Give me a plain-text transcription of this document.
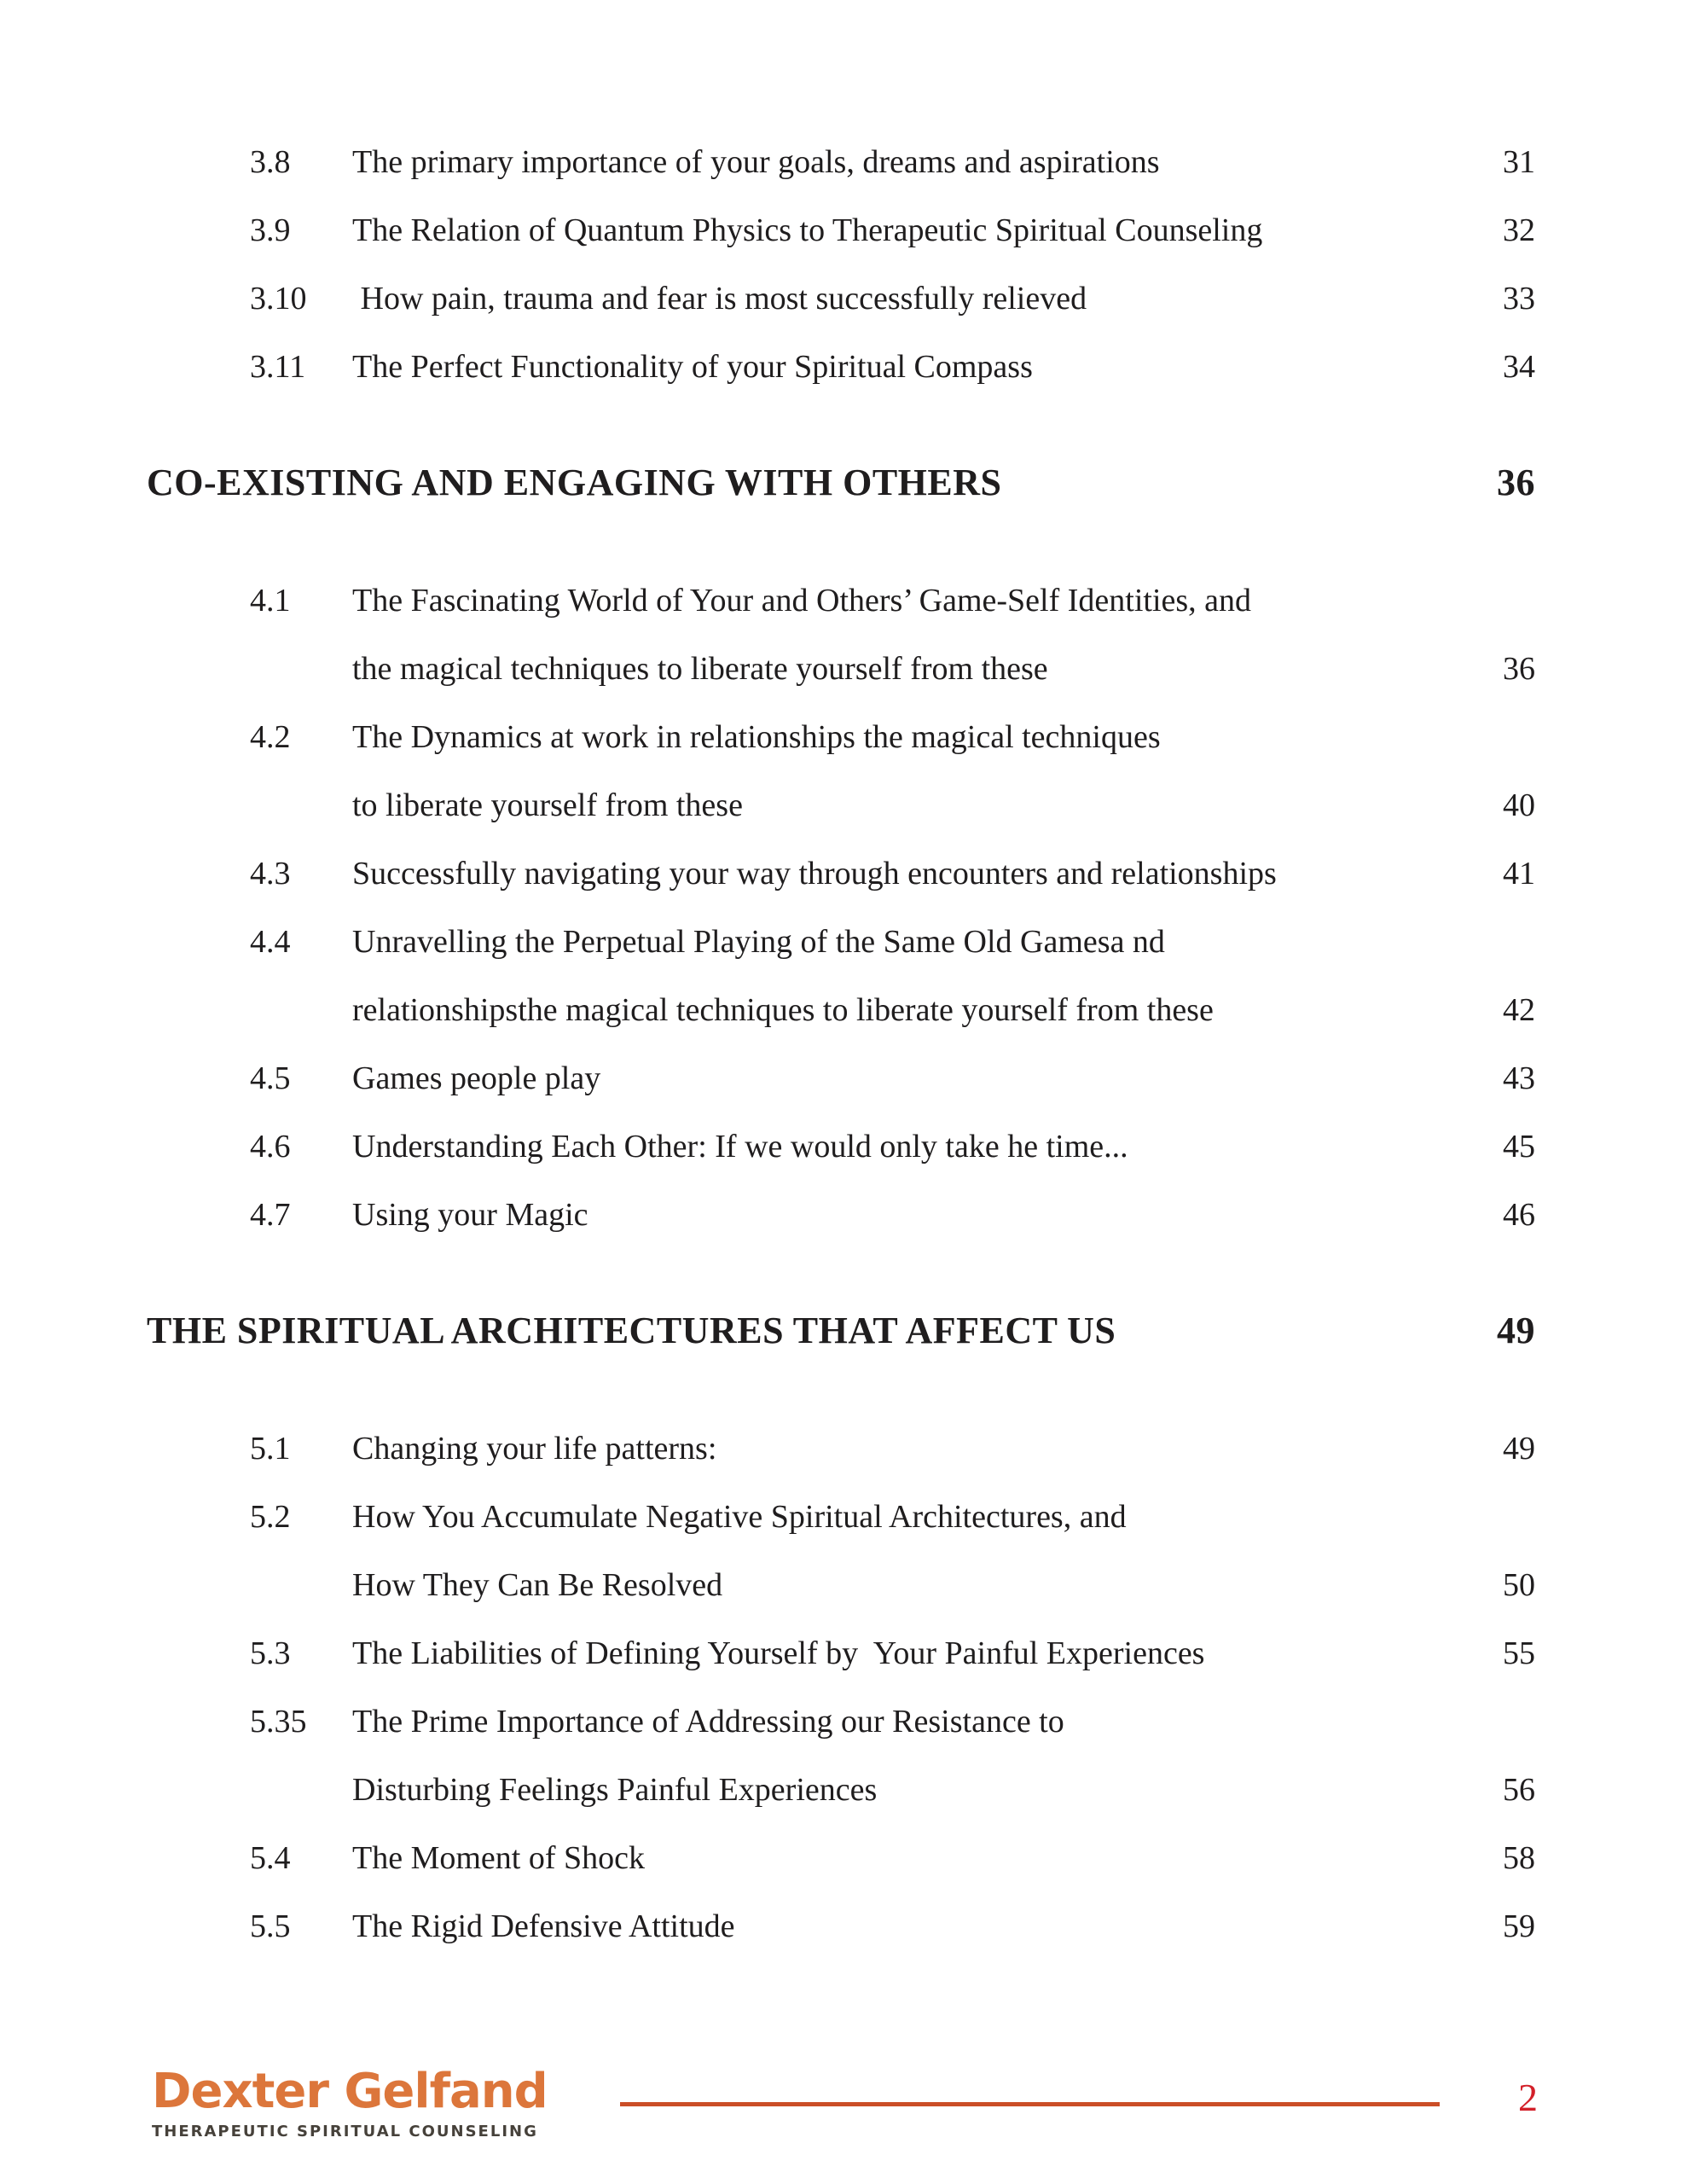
3.8	The primary importance of your goals, dreams and aspirations	31
3.9	The Relation of Quantum Physics to Therapeutic Spiritual Counseling	32
3.10	How pain, trauma and fear is most successfully relieved	33
3.11	The Perfect Functionality of your Spiritual Compass	34
CO-EXISTING AND ENGAGING WITH OTHERS	36
4.1	The Fascinating World of Your and Others’ Game-Self Identities, and
the magical techniques to liberate yourself from these	36
4.2	The Dynamics at work in relationships the magical techniques
to liberate yourself from these	40
4.3	Successfully navigating your way through encounters and relationships	41
4.4	Unravelling the Perpetual Playing of the Same Old Gamesa nd
relationshipsthe magical techniques to liberate yourself from these	42
4.5	Games people play	43
4.6	Understanding Each Other: If we would only take he time...	45
4.7	Using your Magic	46
THE SPIRITUAL ARCHITECTURES THAT AFFECT US	49
5.1	Changing your life patterns:	49
5.2	How You Accumulate Negative Spiritual Architectures, and
How They Can Be Resolved	50
5.3	The Liabilities of Defining Yourself by  Your Painful Experiences	55
5.35	The Prime Importance of Addressing our Resistance to
Disturbing Feelings Painful Experiences	56
5.4	The Moment of Shock	58
5.5	The Rigid Defensive Attitude	59
Dexter Gelfand
THERAPEUTIC SPIRITUAL COUNSELING
2
